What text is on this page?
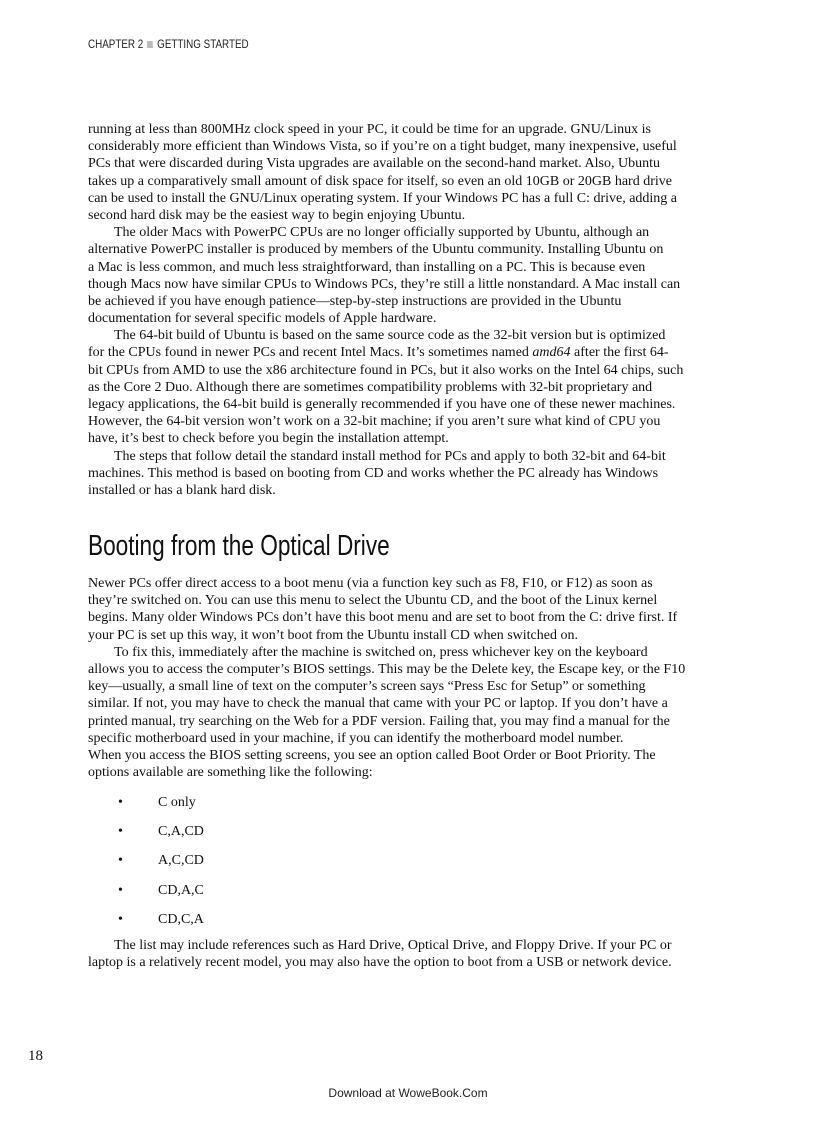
CHAPTER 2 GETTING STARTED
running at less than 800MHz clock speed in your PC, it could be time for an upgrade. GNU/Linux is
considerably more efficient than Windows Vista, so if you’re on a tight budget, many inexpensive, useful
PCs that were discarded during Vista upgrades are available on the second-hand market. Also, Ubuntu
takes up a comparatively small amount of disk space for itself, so even an old 10GB or 20GB hard drive
can be used to install the GNU/Linux operating system. If your Windows PC has a full C: drive, adding a
second hard disk may be the easiest way to begin enjoying Ubuntu.
The older Macs with PowerPC CPUs are no longer officially supported by Ubuntu, although an
alternative PowerPC installer is produced by members of the Ubuntu community. Installing Ubuntu on
a Mac is less common, and much less straightforward, than installing on a PC. This is because even
though Macs now have similar CPUs to Windows PCs, they’re still a little nonstandard. A Mac install can
be achieved if you have enough patience—step-by-step instructions are provided in the Ubuntu
documentation for several specific models of Apple hardware.
The 64-bit build of Ubuntu is based on the same source code as the 32-bit version but is optimized
for the CPUs found in newer PCs and recent Intel Macs. It’s sometimes named amd64 after the first 64-
bit CPUs from AMD to use the x86 architecture found in PCs, but it also works on the Intel 64 chips, such
as the Core 2 Duo. Although there are sometimes compatibility problems with 32-bit proprietary and
legacy applications, the 64-bit build is generally recommended if you have one of these newer machines.
However, the 64-bit version won’t work on a 32-bit machine; if you aren’t sure what kind of CPU you
have, it’s best to check before you begin the installation attempt.
The steps that follow detail the standard install method for PCs and apply to both 32-bit and 64-bit
machines. This method is based on booting from CD and works whether the PC already has Windows
installed or has a blank hard disk.
Booting from the Optical Drive
Newer PCs offer direct access to a boot menu (via a function key such as F8, F10, or F12) as soon as
they’re switched on. You can use this menu to select the Ubuntu CD, and the boot of the Linux kernel
begins. Many older Windows PCs don’t have this boot menu and are set to boot from the C: drive first. If
your PC is set up this way, it won’t boot from the Ubuntu install CD when switched on.
To fix this, immediately after the machine is switched on, press whichever key on the keyboard
allows you to access the computer’s BIOS settings. This may be the Delete key, the Escape key, or the F10
key—usually, a small line of text on the computer’s screen says “Press Esc for Setup” or something
similar. If not, you may have to check the manual that came with your PC or laptop. If you don’t have a
printed manual, try searching on the Web for a PDF version. Failing that, you may find a manual for the
specific motherboard used in your machine, if you can identify the motherboard model number.
When you access the BIOS setting screens, you see an option called Boot Order or Boot Priority. The
options available are something like the following:
•	C only
•	C,A,CD
•	A,C,CD
•	CD,A,C
•	CD,C,A
The list may include references such as Hard Drive, Optical Drive, and Floppy Drive. If your PC or
laptop is a relatively recent model, you may also have the option to boot from a USB or network device.
18
Download at WoweBook.Com
